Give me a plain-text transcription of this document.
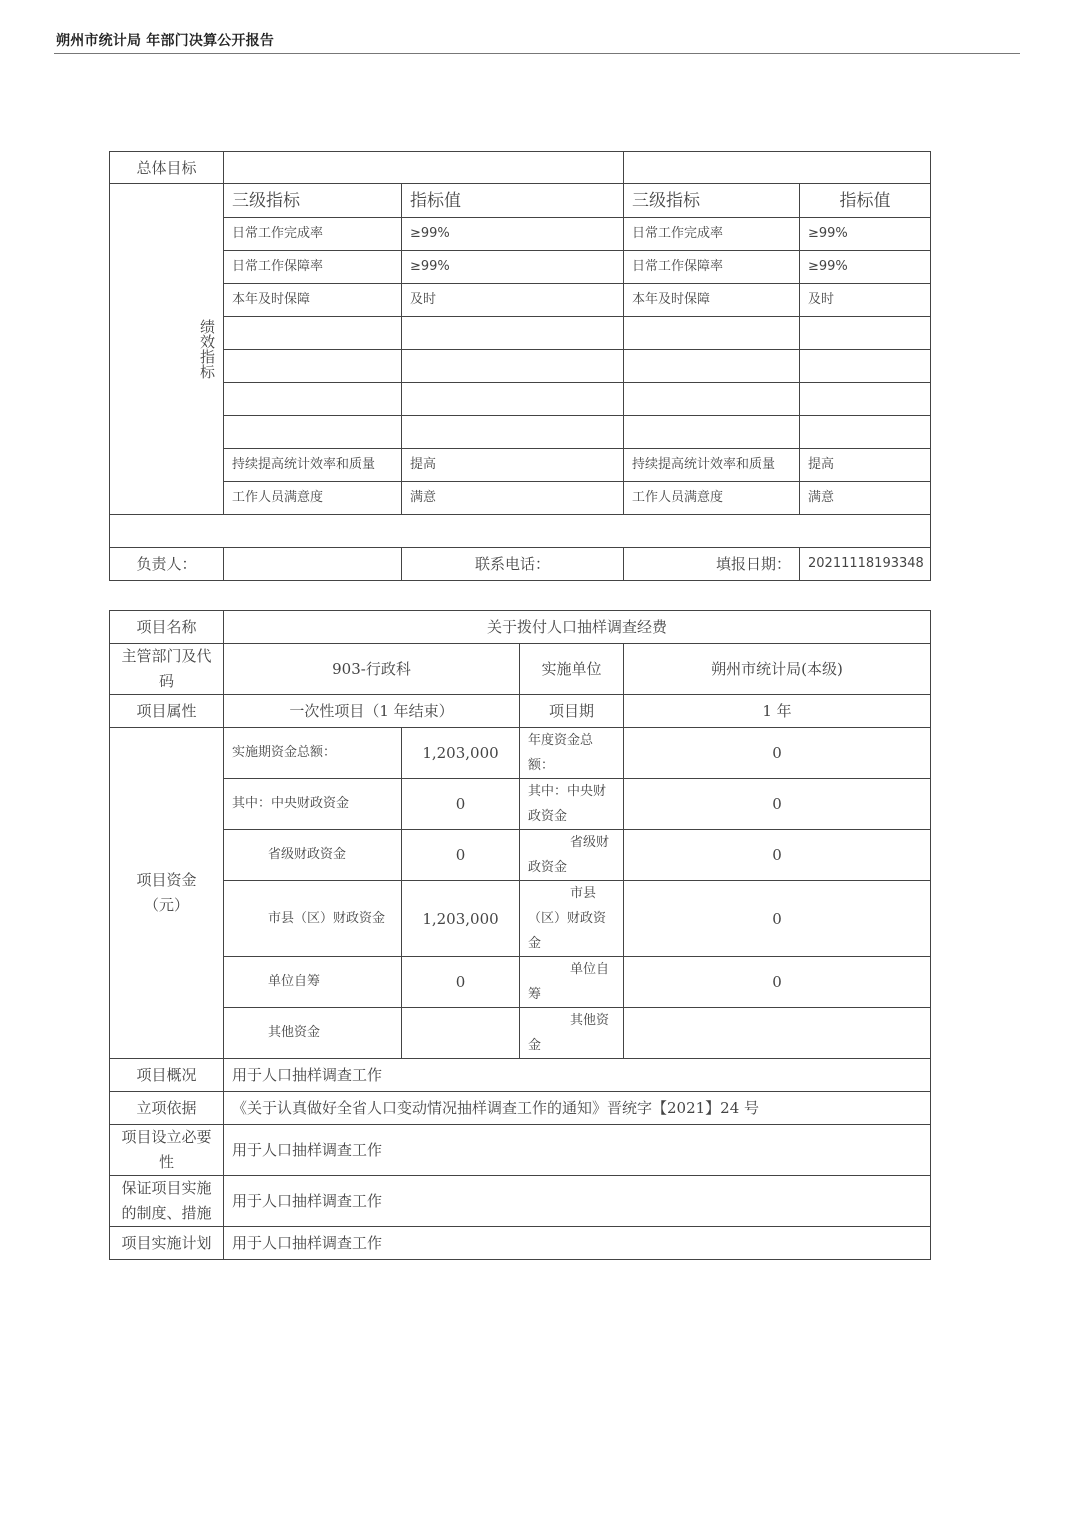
朔州市统计局 年部门决算公开报告
总体目标				
绩效指标	三级指标	指标值	三级指标	指标值
	日常工作完成率	≥99%	日常工作完成率	≥99%
	日常工作保障率	≥99%	日常工作保障率	≥99%
	本年及时保障	及时	本年及时保障	及时

	持续提高统计效率和质量	提高	持续提高统计效率和质量	提高
	工作人员满意度	满意	工作人员满意度	满意

负责人：		联系电话：	填报日期：	20211118193348
项目名称	关于拨付人口抽样调查经费			
主管部门及代码	903-行政科		实施单位	朔州市统计局(本级)
项目属性	一次性项目（1 年结束）		项目期	1 年
项目资金（元）	实施期资金总额：	1,203,000	年度资金总额：	0
	其中：中央财政资金	0	其中：中央财政资金	0
	省级财政资金	0	省级财政资金	0
	市县（区）财政资金	1,203,000	市县（区）财政资金	0
	单位自筹	0	单位自筹	0
	其他资金		其他资金	
项目概况	用于人口抽样调查工作			
立项依据	《关于认真做好全省人口变动情况抽样调查工作的通知》晋统字【2021】24 号			
项目设立必要性	用于人口抽样调查工作			
保证项目实施的制度、措施	用于人口抽样调查工作			
项目实施计划	用于人口抽样调查工作			
